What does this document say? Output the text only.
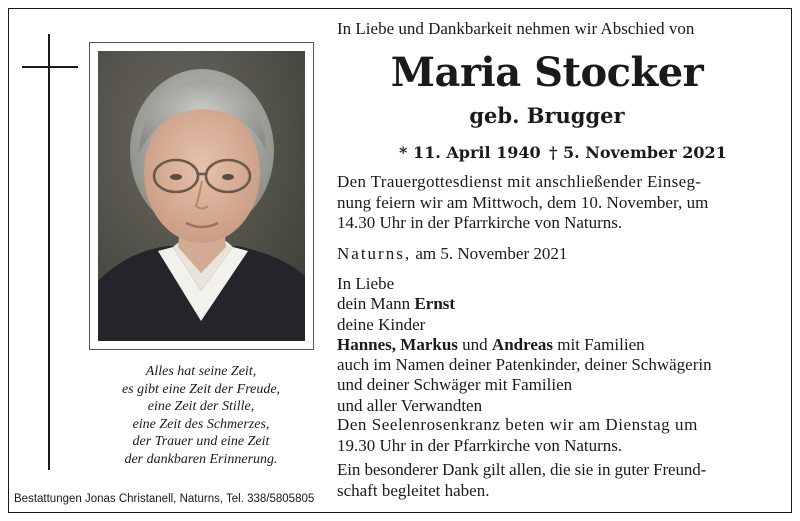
Alles hat seine Zeit,
es gibt eine Zeit der Freude,
eine Zeit der Stille,
eine Zeit des Schmerzes,
der Trauer und eine Zeit
der dankbaren Erinnerung.
Bestattungen Jonas Christanell, Naturns, Tel. 338/5805805
In Liebe und Dankbarkeit nehmen wir Abschied von
Maria Stocker
geb. Brugger
* 11. April 1940 † 5. November 2021
Den Trauergottesdienst mit anschließender Einseg-
nung feiern wir am Mittwoch, dem 10. November, um
14.30 Uhr in der Pfarrkirche von Naturns.
Naturns, am 5. November 2021
In Liebe
dein Mann Ernst
deine Kinder
Hannes, Markus und Andreas mit Familien
auch im Namen deiner Patenkinder, deiner Schwägerin
und deiner Schwäger mit Familien
und aller Verwandten
Den Seelenrosenkranz beten wir am Dienstag um
19.30 Uhr in der Pfarrkirche von Naturns.
Ein besonderer Dank gilt allen, die sie in guter Freund-
schaft begleitet haben.
